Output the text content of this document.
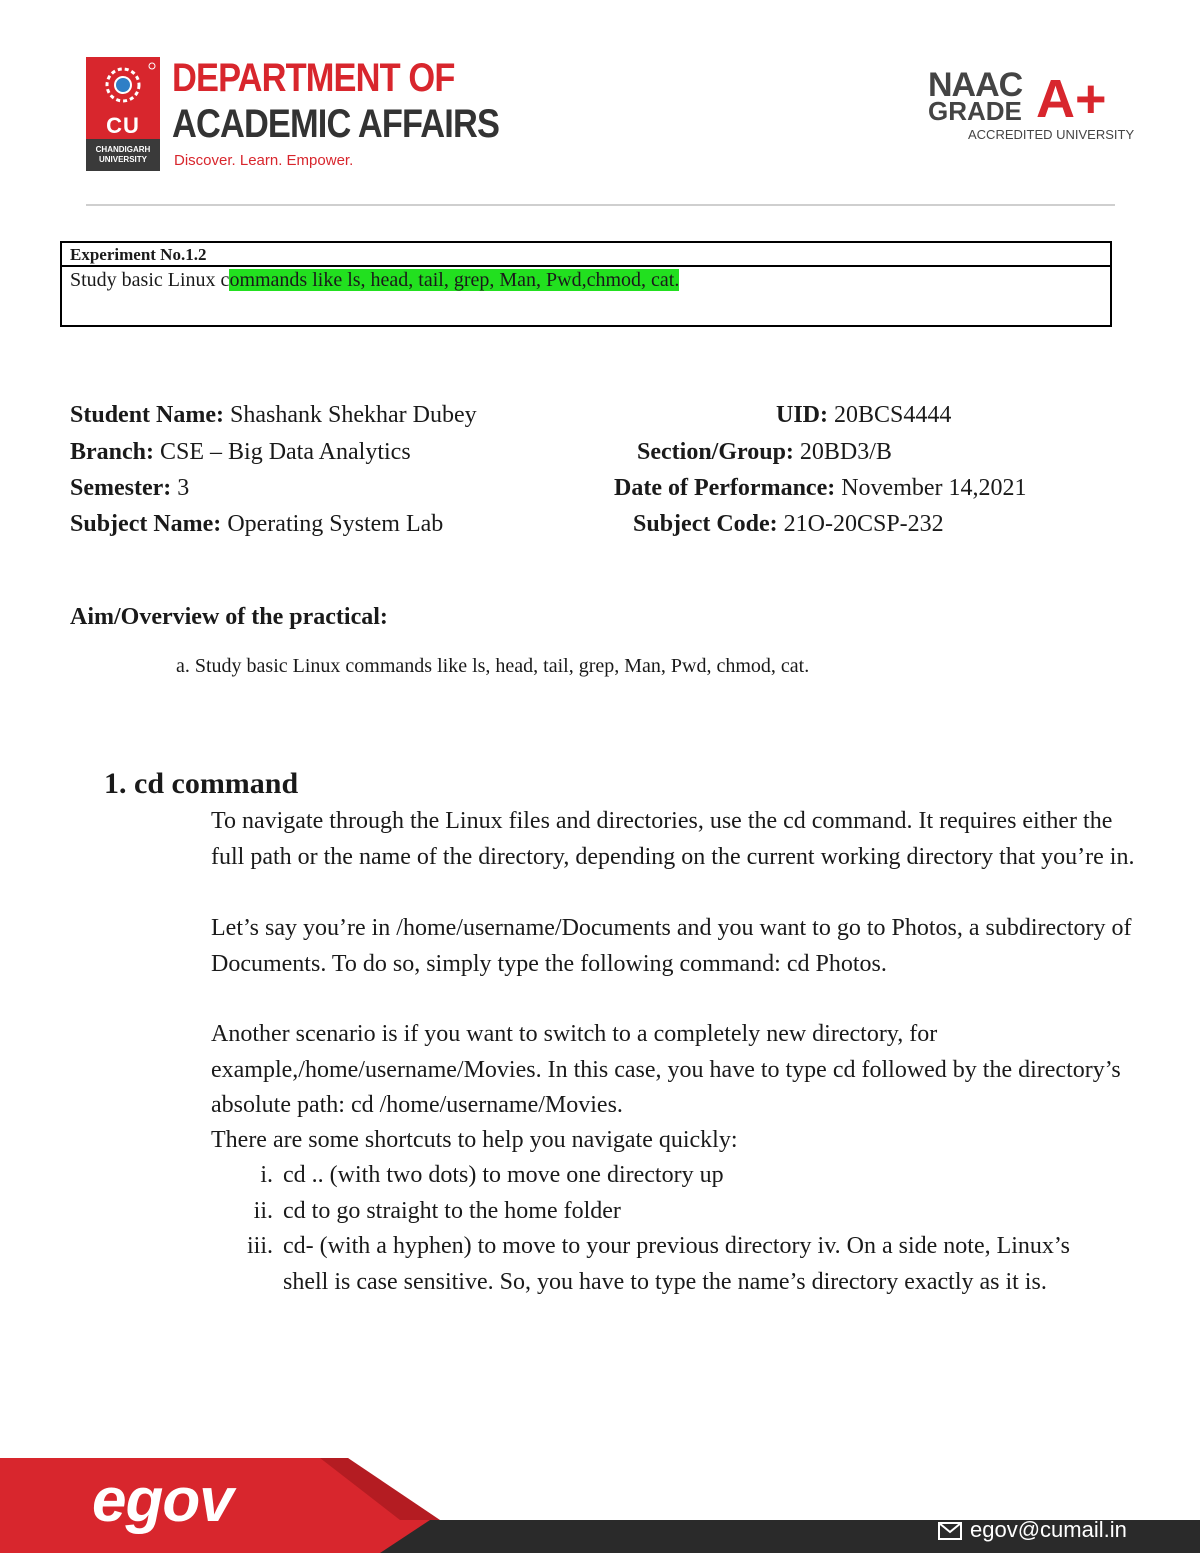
CU
CHANDIGARH UNIVERSITY
DEPARTMENT OF
ACADEMIC AFFAIRS
Discover. Learn. Empower.
NAAC
GRADE A+
ACCREDITED UNIVERSITY
Experiment No.1.2
Study basic Linux commands like ls, head, tail, grep, Man, Pwd,chmod, cat.
Student Name: Shashank Shekhar Dubey	UID: 20BCS4444
Branch: CSE – Big Data Analytics	Section/Group: 20BD3/B
Semester: 3	Date of Performance: November 14,2021
Subject Name: Operating System Lab	Subject Code: 21O-20CSP-232
Aim/Overview of the practical:
a. Study basic Linux commands like ls, head, tail, grep, Man, Pwd, chmod, cat.
1. cd command
To navigate through the Linux files and directories, use the cd command. It requires either the full path or the name of the directory, depending on the current working directory that you’re in.
Let’s say you’re in /home/username/Documents and you want to go to Photos, a subdirectory of Documents. To do so, simply type the following command: cd Photos.
Another scenario is if you want to switch to a completely new directory, for example,/home/username/Movies. In this case, you have to type cd followed by the directory’s absolute path: cd /home/username/Movies.
There are some shortcuts to help you navigate quickly:
i. cd .. (with two dots) to move one directory up
ii. cd to go straight to the home folder
iii. cd- (with a hyphen) to move to your previous directory iv. On a side note, Linux’s shell is case sensitive. So, you have to type the name’s directory exactly as it is.
egov	egov@cumail.in
